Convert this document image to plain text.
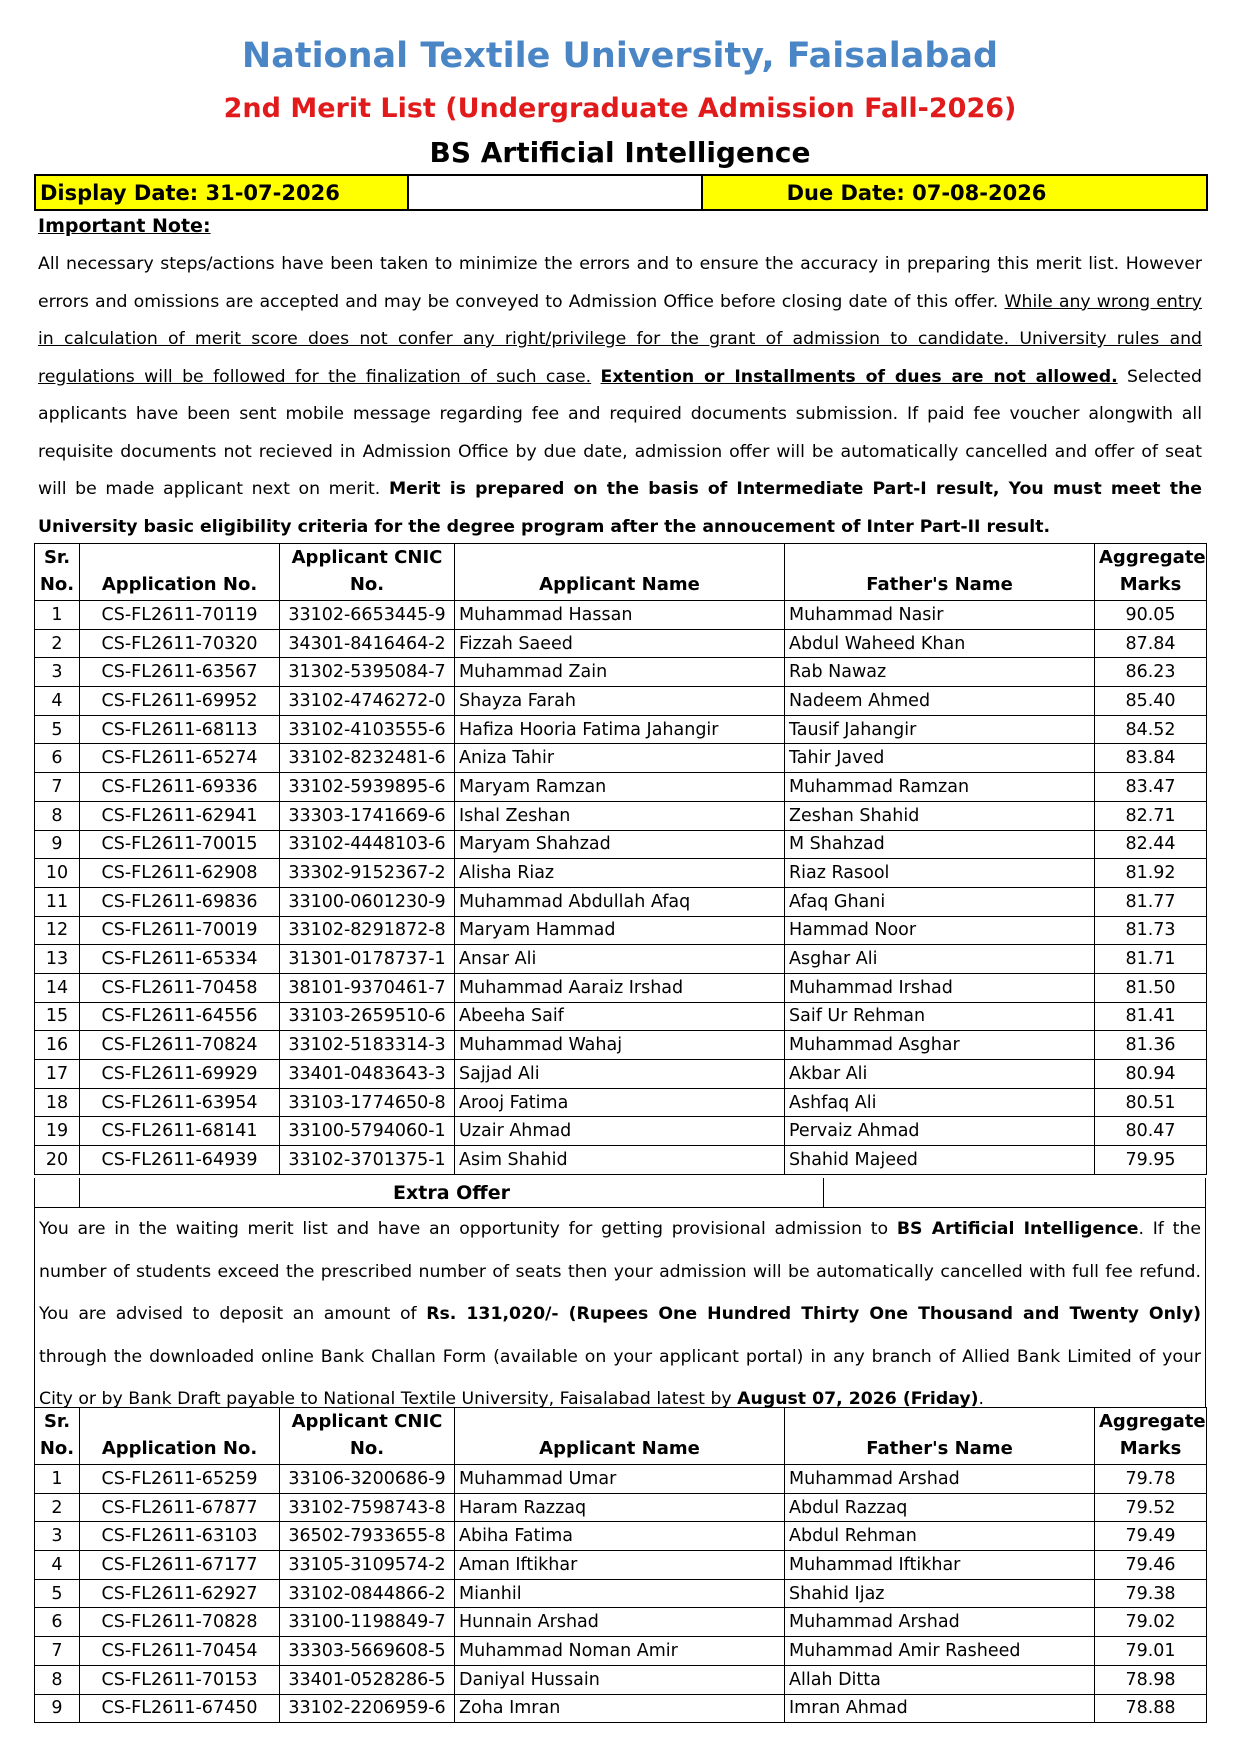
National Textile University, Faisalabad
2nd Merit List (Undergraduate Admission Fall-2026)
BS Artificial Intelligence
Display Date: 31-07-2026		Due Date: 07-08-2026

Important Note:

All necessary steps/actions have been taken to minimize the errors and to ensure the accuracy in preparing this merit list. However errors and omissions are accepted and may be conveyed to Admission Office before closing date of this offer. While any wrong entry in calculation of merit score does not confer any right/privilege for the grant of admission to candidate. University rules and regulations will be followed for the finalization of such case. Extention or Installments of dues are not allowed. Selected applicants have been sent mobile message regarding fee and required documents submission. If paid fee voucher alongwith all requisite documents not recieved in Admission Office by due date, admission offer will be automatically cancelled and offer of seat will be made applicant next on merit. Merit is prepared on the basis of Intermediate Part-I result, You must meet the University basic eligibility criteria for the degree program after the annoucement of Inter Part-II result.

Sr.
No.	Application No.	Applicant CNIC
No.	Applicant Name	Father's Name	Aggregate
Marks
1	CS-FL2611-70119	33102-6653445-9	Muhammad Hassan	Muhammad Nasir	90.05
2	CS-FL2611-70320	34301-8416464-2	Fizzah Saeed	Abdul Waheed Khan	87.84
3	CS-FL2611-63567	31302-5395084-7	Muhammad Zain	Rab Nawaz	86.23
4	CS-FL2611-69952	33102-4746272-0	Shayza Farah	Nadeem Ahmed	85.40
5	CS-FL2611-68113	33102-4103555-6	Hafiza Hooria Fatima Jahangir	Tausif Jahangir	84.52
6	CS-FL2611-65274	33102-8232481-6	Aniza Tahir	Tahir Javed	83.84
7	CS-FL2611-69336	33102-5939895-6	Maryam Ramzan	Muhammad Ramzan	83.47
8	CS-FL2611-62941	33303-1741669-6	Ishal Zeshan	Zeshan Shahid	82.71
9	CS-FL2611-70015	33102-4448103-6	Maryam Shahzad	M Shahzad	82.44
10	CS-FL2611-62908	33302-9152367-2	Alisha Riaz	Riaz Rasool	81.92
11	CS-FL2611-69836	33100-0601230-9	Muhammad Abdullah Afaq	Afaq Ghani	81.77
12	CS-FL2611-70019	33102-8291872-8	Maryam Hammad	Hammad Noor	81.73
13	CS-FL2611-65334	31301-0178737-1	Ansar Ali	Asghar Ali	81.71
14	CS-FL2611-70458	38101-9370461-7	Muhammad Aaraiz Irshad	Muhammad Irshad	81.50
15	CS-FL2611-64556	33103-2659510-6	Abeeha Saif	Saif Ur Rehman	81.41
16	CS-FL2611-70824	33102-5183314-3	Muhammad Wahaj	Muhammad Asghar	81.36
17	CS-FL2611-69929	33401-0483643-3	Sajjad Ali	Akbar Ali	80.94
18	CS-FL2611-63954	33103-1774650-8	Arooj Fatima	Ashfaq Ali	80.51
19	CS-FL2611-68141	33100-5794060-1	Uzair Ahmad	Pervaiz Ahmad	80.47
20	CS-FL2611-64939	33102-3701375-1	Asim Shahid	Shahid Majeed	79.95
Extra Offer

You are in the waiting merit list and have an opportunity for getting provisional admission to BS Artificial Intelligence. If the number of students exceed the prescribed number of seats then your admission will be automatically cancelled with full fee refund. You are advised to deposit an amount of Rs. 131,020/- (Rupees One Hundred Thirty One Thousand and Twenty Only) through the downloaded online Bank Challan Form (available on your applicant portal) in any branch of Allied Bank Limited of your City or by Bank Draft payable to National Textile University, Faisalabad latest by August 07, 2026 (Friday).

Sr.
No.	Application No.	Applicant CNIC
No.	Applicant Name	Father's Name	Aggregate
Marks
1	CS-FL2611-65259	33106-3200686-9	Muhammad Umar	Muhammad Arshad	79.78
2	CS-FL2611-67877	33102-7598743-8	Haram Razzaq	Abdul Razzaq	79.52
3	CS-FL2611-63103	36502-7933655-8	Abiha Fatima	Abdul Rehman	79.49
4	CS-FL2611-67177	33105-3109574-2	Aman Iftikhar	Muhammad Iftikhar	79.46
5	CS-FL2611-62927	33102-0844866-2	Mianhil	Shahid Ijaz	79.38
6	CS-FL2611-70828	33100-1198849-7	Hunnain Arshad	Muhammad Arshad	79.02
7	CS-FL2611-70454	33303-5669608-5	Muhammad Noman Amir	Muhammad Amir Rasheed	79.01
8	CS-FL2611-70153	33401-0528286-5	Daniyal Hussain	Allah Ditta	78.98
9	CS-FL2611-67450	33102-2206959-6	Zoha Imran	Imran Ahmad	78.88
